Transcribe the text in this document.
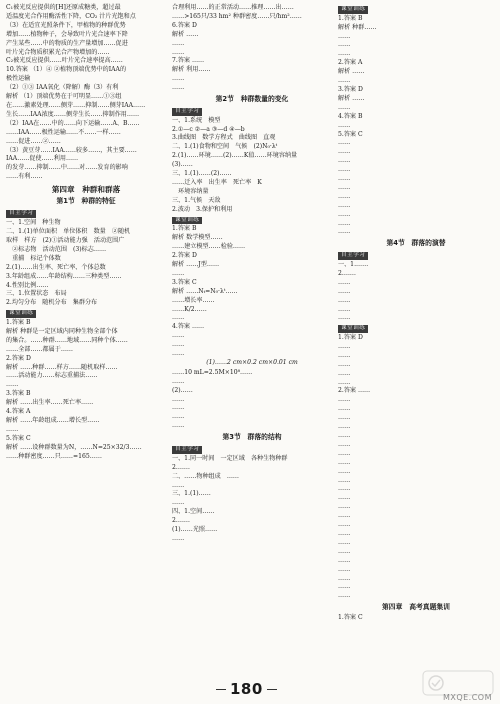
C₁被光反应提供的[H]还原成糖类，超过最
适温度光合作用酶活性下降，CO₂ 汁片光饱和点
（3）在适宜光照条件下，甲植物的种群优势
增加……植物种子，会导致叶片光合速率下降
产生某些……中的物质的生产量增加……促进
叶片光合物质积累光合产物增加的……
C₂被光反应提供……叶片光合速率提高……
10.答案 （1）④ ②植物顶端优势中的IAA的
极性运输
（2）①③ IAA氧化（降解）酶（3）有利
解析 （1）顶端优势在于可明显……①③组
在……激素处理……侧芽……抑制……侧芽IAA……
生长……IAA浓度……侧芽生长……抑制作用……
（2）IAA在……中的……向下运输……A、B……
……IAA……极性运输……不……一样……
……促进……②……
（3）黄豆芽……IAA……较多……，其主要……
IAA……促使……利用……
的发芽……抑制……中……对……发育的影响
……有利……
第四章　种群和群落
第1节　种群的特征
自主学习
一、1.空间　种生物
二、1.(1)单位面积　单位体积　数量　②随机
取样　样方　(2)①活动能力强　活动范围广
　②标志物　活动范围　(3)标志……
　重捕　标记个体数
2.(1)……出生率、死亡率、个体总数
3.年龄组成……年龄结构……三种类型……
4.性别比例……
三、1.位置状态　布局
2.均匀分布　随机分布　集群分布
课堂训练
1.答案 B
解析 种群是一定区域内同种生物全部个体
的集合。……种群……地域……同种个体……
……全部……都属于……
2.答案 D
解析 ……种群……样方……随机取样……
……活动能力……标志重捕法……
……
3.答案 B
解析 ……出生率……死亡率……
4.答案 A
解析 ……年龄组成……增长型……
……
5.答案 C
解析 ……设种群数量为N，……N=25×32/3……
……种群密度……只……=165……
合理利用……的正常活动……推理……出……
……>165只/33 hm² 种群密度……只/hm²……
6.答案 D
解析 ……
……
……
7.答案 ……
解析 利用……
……
……
第2节　种群数量的变化
自主学习
一、1.系统　模型
2.①—c ②—a ③—d ④—b
3.曲线图　数学方程式　曲线图　直观
二、1.(1)食物和空间　气候　(2)N₀·λᵗ
2.(1)……环境……(2)……K值……环境容纳量
(3)……
三、1.(1)……(2)……
……迁入率　出生率　死亡率　K
　环境容纳量
三、1.气候　天敌
2.波动　3.保护和利用
课堂训练
1.答案 B
解析 数学模型……
……建立模型……检验……
2.答案 D
解析 ……J型……
……
3.答案 C
解析 ……Nₜ=N₀·λᵗ……
……增长率……
……K/2……
……
4.答案 ……
……
……
……
(1)……2 cm×0.2 cm×0.01 cm
……10 mL=2.5M×10⁸……
……
(2)……
……
……
……
……
第3节　群落的结构
自主学习
一、1.同一时间　一定区域　各种生物种群
2.……
二、……物种组成　……
……
三、1.(1)……
……
四、1.空间……
2.……
(1)……光照……
……
课堂训练
1.答案 B
解析 种群……
……
……
……
2.答案 A
解析 ……
……
3.答案 D
解析 ……
……
4.答案 B
……
5.答案 C
……
……
……
……
……
……
……
……
……
……
……
第4节　群落的演替
自主学习
一、1.……
2.……
……
……
……
……
……
课堂训练
1.答案 D
……
……
……
……
……
2.答案 ……
……
……
……
……
……
……
……
……
……
……
……
……
……
……
……
……
……
……
……
……
……
……
……
第四章　高考真题集训
1.答案 C
180	MXQE.COM
